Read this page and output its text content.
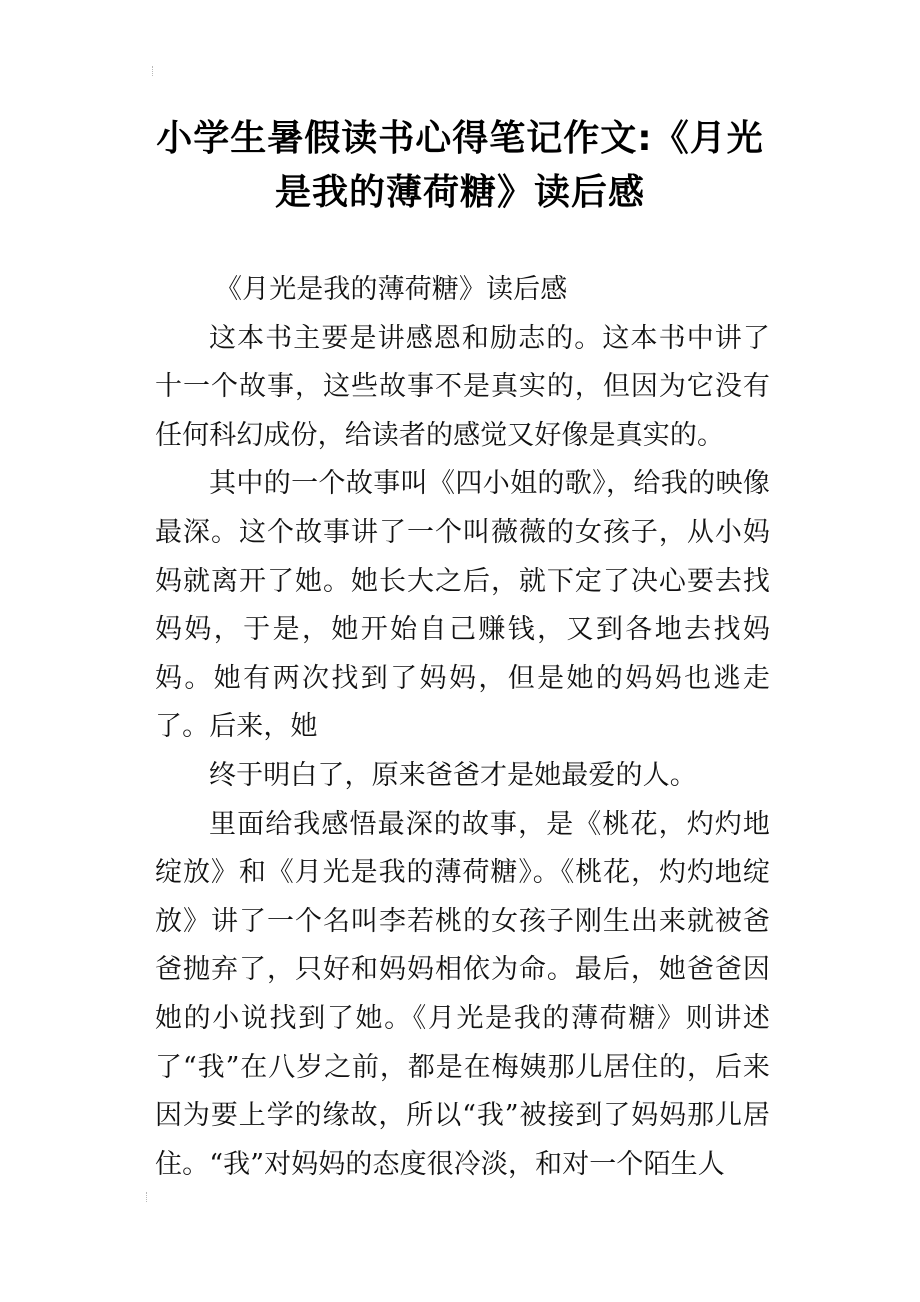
小学生暑假读书心得笔记作文:《月光
是我的薄荷糖》读后感

《月光是我的薄荷糖》读后感

这本书主要是讲感恩和励志的。这本书中讲了十一个故事，这些故事不是真实的，但因为它没有任何科幻成份，给读者的感觉又好像是真实的。

其中的一个故事叫《四小姐的歌》，给我的映像最深。这个故事讲了一个叫薇薇的女孩子，从小妈妈就离开了她。她长大之后，就下定了决心要去找妈妈，于是，她开始自己赚钱，又到各地去找妈妈。她有两次找到了妈妈，但是她的妈妈也逃走了。后来，她

终于明白了，原来爸爸才是她最爱的人。

里面给我感悟最深的故事，是《桃花，灼灼地绽放》和《月光是我的薄荷糖》。《桃花，灼灼地绽放》讲了一个名叫李若桃的女孩子刚生出来就被爸爸抛弃了，只好和妈妈相依为命。最后，她爸爸因她的小说找到了她。《月光是我的薄荷糖》则讲述了“我”在八岁之前，都是在梅姨那儿居住的，后来因为要上学的缘故，所以“我”被接到了妈妈那儿居住。“我”对妈妈的态度很冷淡，和对一个陌生人
